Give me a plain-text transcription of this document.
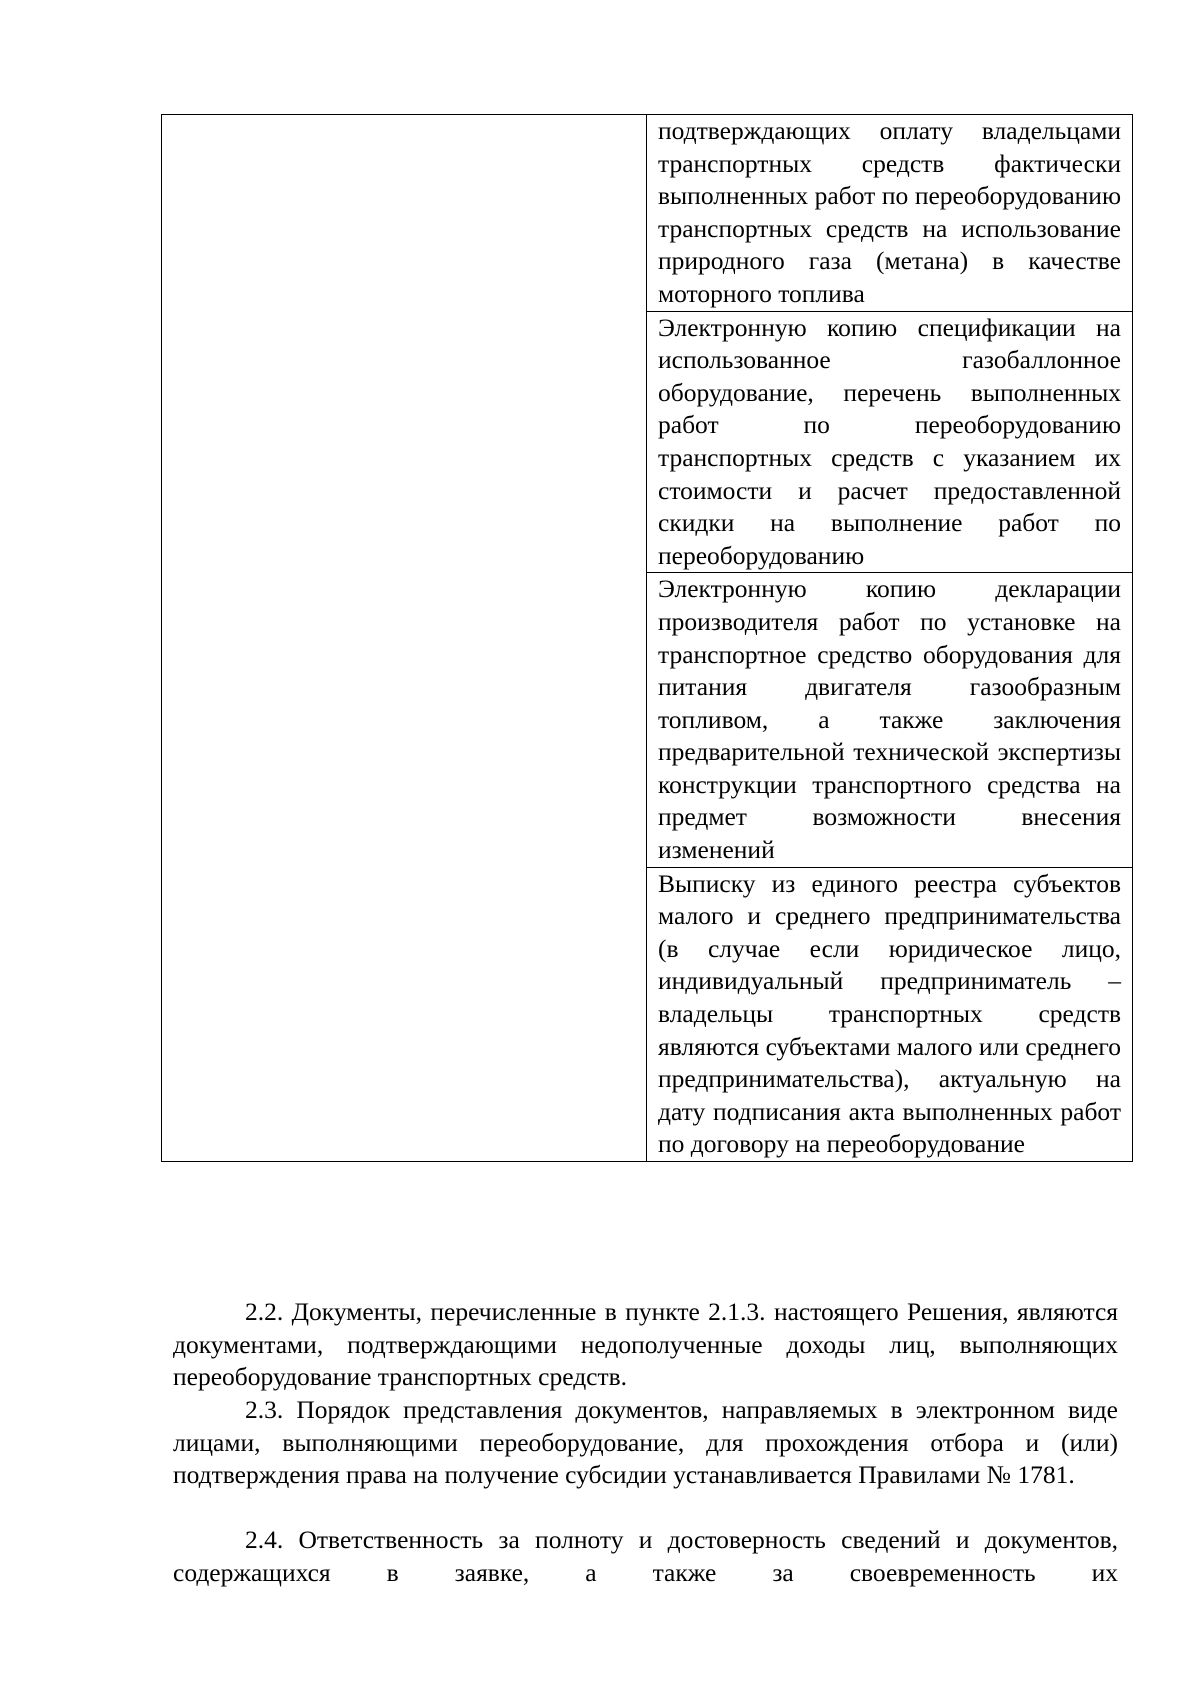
подтверждающих оплату владельцами транспортных средств фактически выполненных работ по переоборудованию транспортных средств на использование природного газа (метана) в качестве моторного топлива

Электронную копию спецификации на использованное газобаллонное оборудование, перечень выполненных работ по переоборудованию транспортных средств с указанием их стоимости и расчет предоставленной скидки на выполнение работ по переоборудованию

Электронную копию декларации производителя работ по установке на транспортное средство оборудования для питания двигателя газообразным топливом, а также заключения предварительной технической экспертизы конструкции транспортного средства на предмет возможности внесения изменений

Выписку из единого реестра субъектов малого и среднего предпринимательства (в случае если юридическое лицо, индивидуальный предприниматель – владельцы транспортных средств являются субъектами малого или среднего предпринимательства), актуальную на дату подписания акта выполненных работ по договору на переоборудование

2.2. Документы, перечисленные в пункте 2.1.3. настоящего Решения, являются документами, подтверждающими недополученные доходы лиц, выполняющих переоборудование транспортных средств.

2.3. Порядок представления документов, направляемых в электронном виде лицами, выполняющими переоборудование, для прохождения отбора и (или) подтверждения права на получение субсидии устанавливается Правилами № 1781.

2.4. Ответственность за полноту и достоверность сведений и документов, содержащихся в заявке, а также за своевременность их
